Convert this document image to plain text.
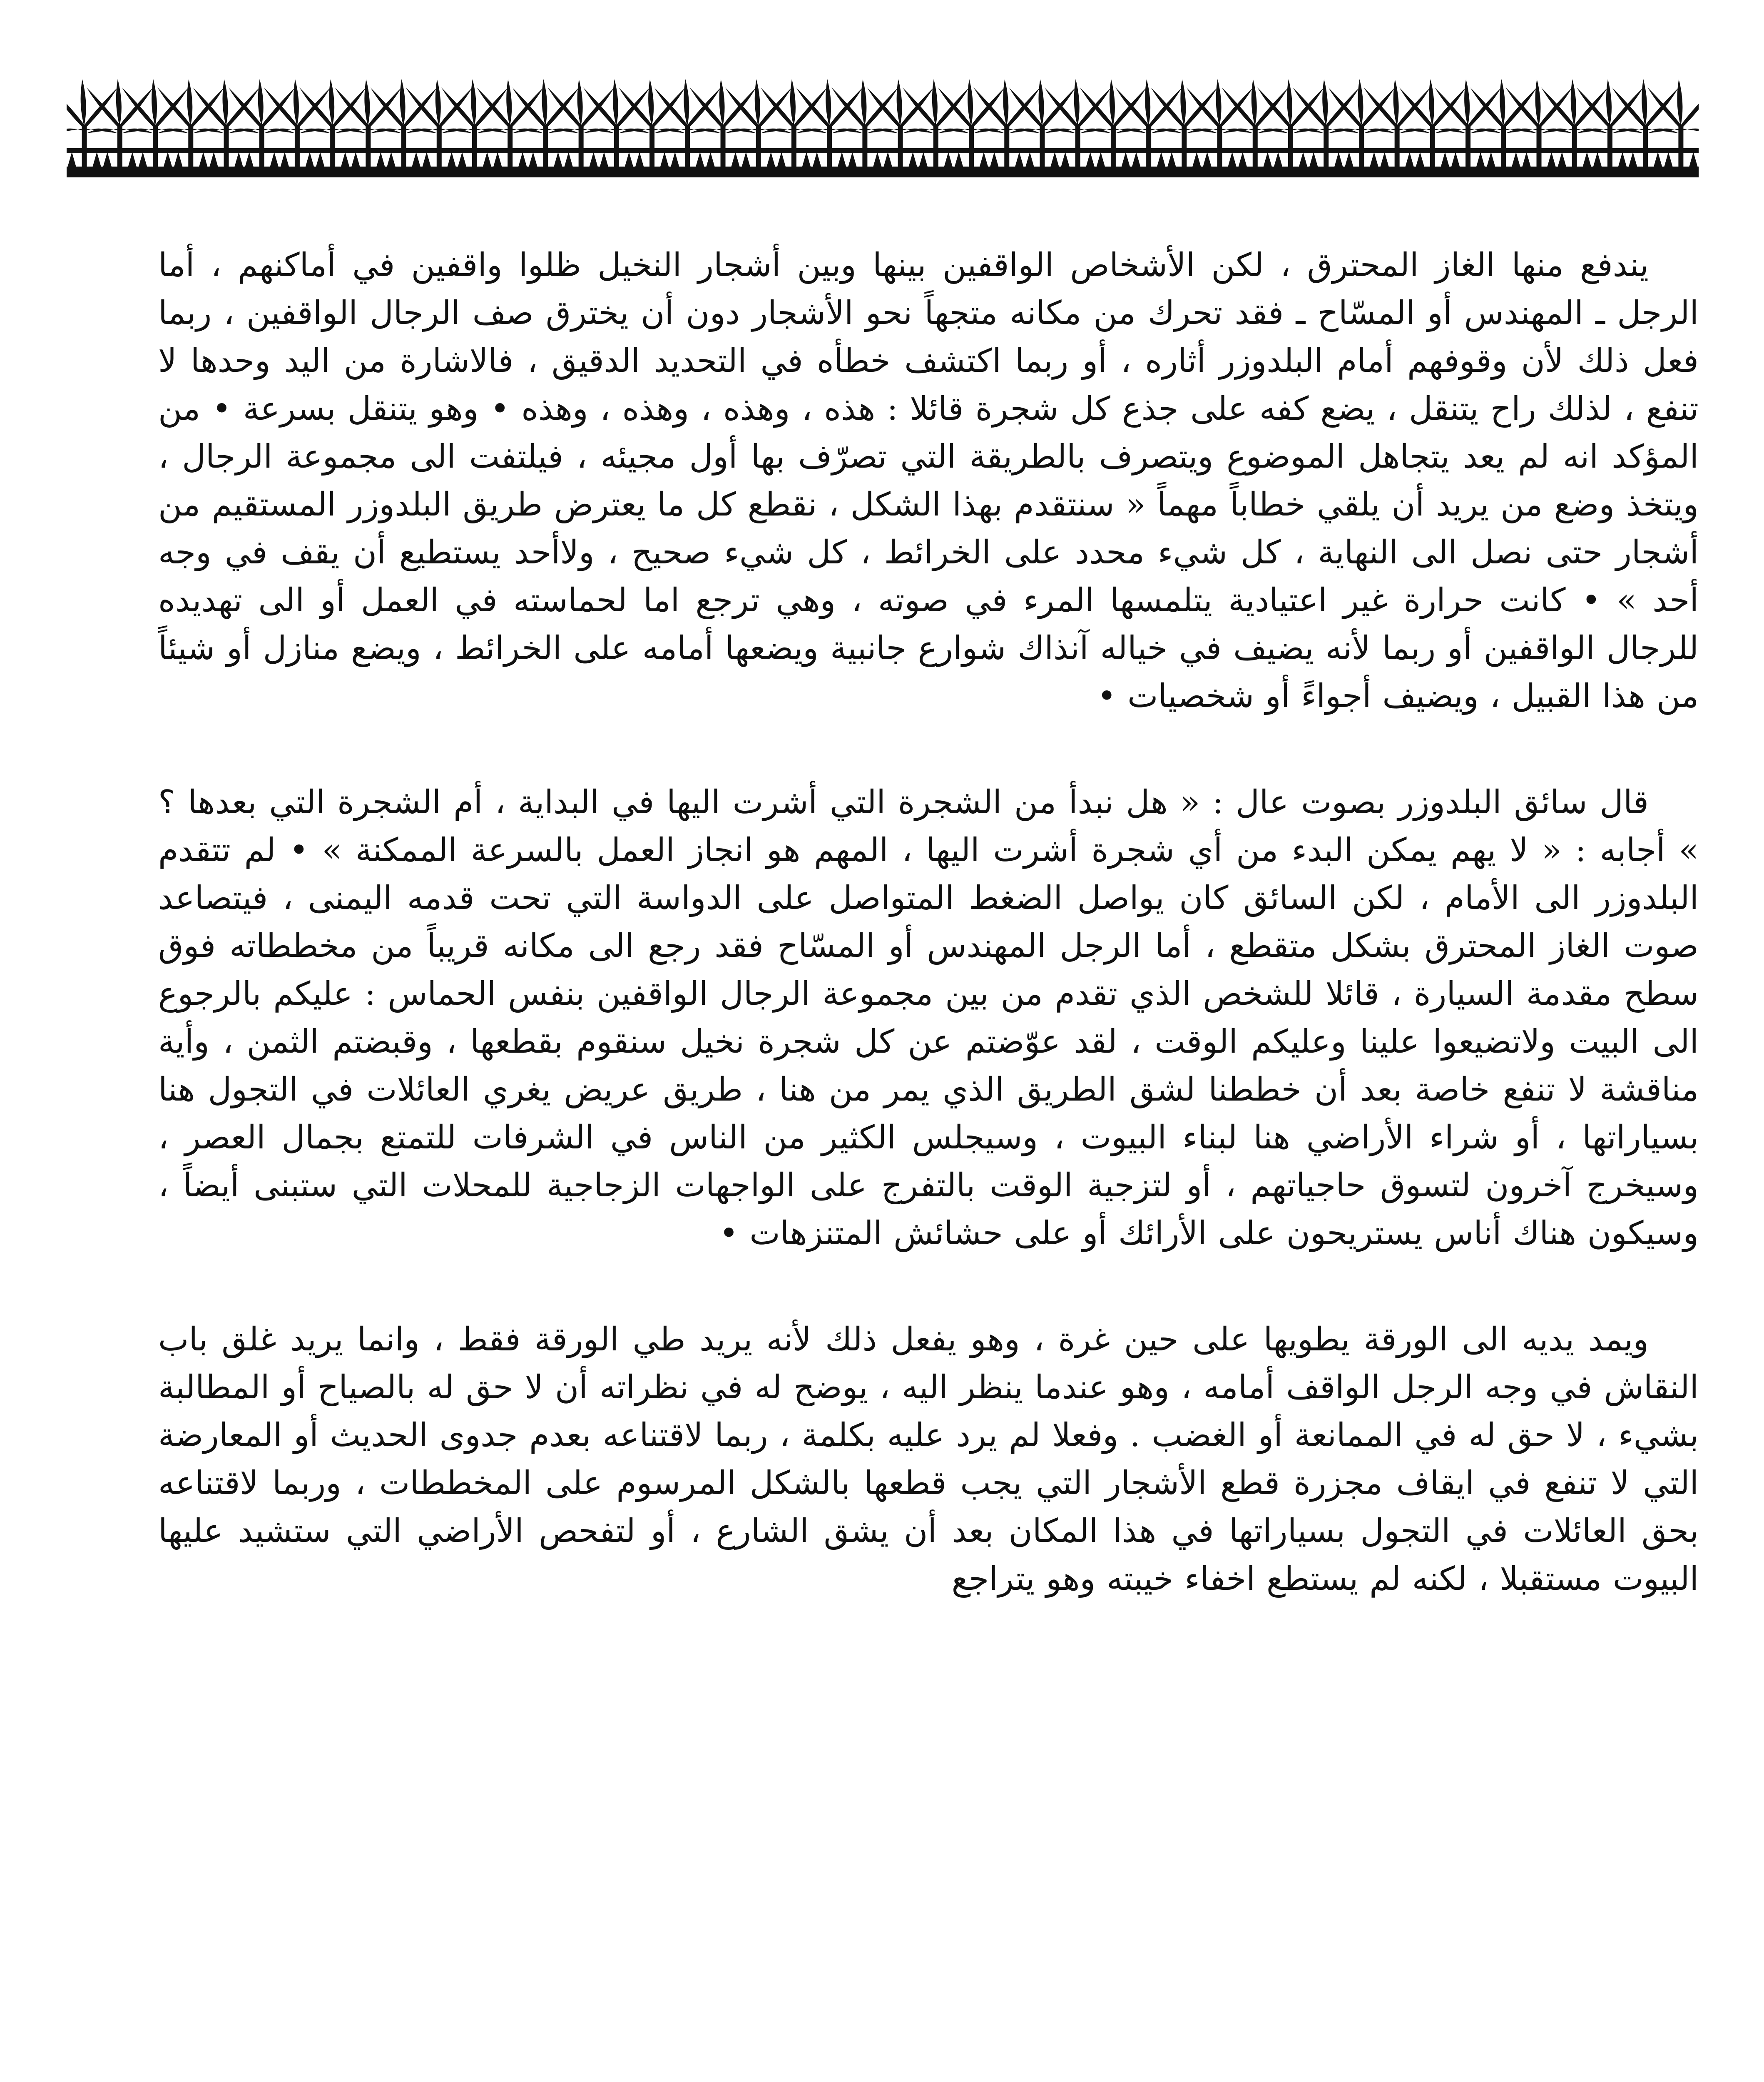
يندفع منها الغاز المحترق ، لكن الأشخاص الواقفين بينها وبين أشجار النخيل ظلوا واقفين في أماكنهم ، أما الرجل ـ المهندس أو المسّاح ـ فقد تحرك من مكانه متجهاً نحو الأشجار دون أن يخترق صف الرجال الواقفين ، ربما فعل ذلك لأن وقوفهم أمام البلدوزر أثاره ، أو ربما اكتشف خطأه في التحديد الدقيق ، فالاشارة من اليد وحدها لا تنفع ، لذلك راح يتنقل ، يضع كفه على جذع كل شجرة قائلا : هذه ، وهذه ، وهذه ، وهذه • وهو يتنقل بسرعة • من المؤكد انه لم يعد يتجاهل الموضوع ويتصرف بالطريقة التي تصرّف بها أول مجيئه ، فيلتفت الى مجموعة الرجال ، ويتخذ وضع من يريد أن يلقي خطاباً مهماً « سنتقدم بهذا الشكل ، نقطع كل ما يعترض طريق البلدوزر المستقيم من أشجار حتى نصل الى النهاية ، كل شيء محدد على الخرائط ، كل شيء صحيح ، ولاأحد يستطيع أن يقف في وجه أحد » • كانت حرارة غير اعتيادية يتلمسها المرء في صوته ، وهي ترجع اما لحماسته في العمل أو الى تهديده للرجال الواقفين أو ربما لأنه يضيف في خياله آنذاك شوارع جانبية ويضعها أمامه على الخرائط ، ويضع منازل أو شيئاً من هذا القبيل ، ويضيف أجواءً أو شخصيات •

قال سائق البلدوزر بصوت عال : « هل نبدأ من الشجرة التي أشرت اليها في البداية ، أم الشجرة التي بعدها ؟ » أجابه : « لا يهم يمكن البدء من أي شجرة أشرت اليها ، المهم هو انجاز العمل بالسرعة الممكنة » • لم تتقدم البلدوزر الى الأمام ، لكن السائق كان يواصل الضغط المتواصل على الدواسة التي تحت قدمه اليمنى ، فيتصاعد صوت الغاز المحترق بشكل متقطع ، أما الرجل المهندس أو المسّاح فقد رجع الى مكانه قريباً من مخططاته فوق سطح مقدمة السيارة ، قائلا للشخص الذي تقدم من بين مجموعة الرجال الواقفين بنفس الحماس : عليكم بالرجوع الى البيت ولاتضيعوا علينا وعليكم الوقت ، لقد عوّضتم عن كل شجرة نخيل سنقوم بقطعها ، وقبضتم الثمن ، وأية مناقشة لا تنفع خاصة بعد أن خططنا لشق الطريق الذي يمر من هنا ، طريق عريض يغري العائلات في التجول هنا بسياراتها ، أو شراء الأراضي هنا لبناء البيوت ، وسيجلس الكثير من الناس في الشرفات للتمتع بجمال العصر ، وسيخرج آخرون لتسوق حاجياتهم ، أو لتزجية الوقت بالتفرج على الواجهات الزجاجية للمحلات التي ستبنى أيضاً ، وسيكون هناك أناس يستريحون على الأرائك أو على حشائش المتنزهات •

ويمد يديه الى الورقة يطويها على حين غرة ، وهو يفعل ذلك لأنه يريد طي الورقة فقط ، وانما يريد غلق باب النقاش في وجه الرجل الواقف أمامه ، وهو عندما ينظر اليه ، يوضح له في نظراته أن لا حق له بالصياح أو المطالبة بشيء ، لا حق له في الممانعة أو الغضب . وفعلا لم يرد عليه بكلمة ، ربما لاقتناعه بعدم جدوى الحديث أو المعارضة التي لا تنفع في ايقاف مجزرة قطع الأشجار التي يجب قطعها بالشكل المرسوم على المخططات ، وربما لاقتناعه بحق العائلات في التجول بسياراتها في هذا المكان بعد أن يشق الشارع ، أو لتفحص الأراضي التي ستشيد عليها البيوت مستقبلا ، لكنه لم يستطع اخفاء خيبته وهو يتراجع
